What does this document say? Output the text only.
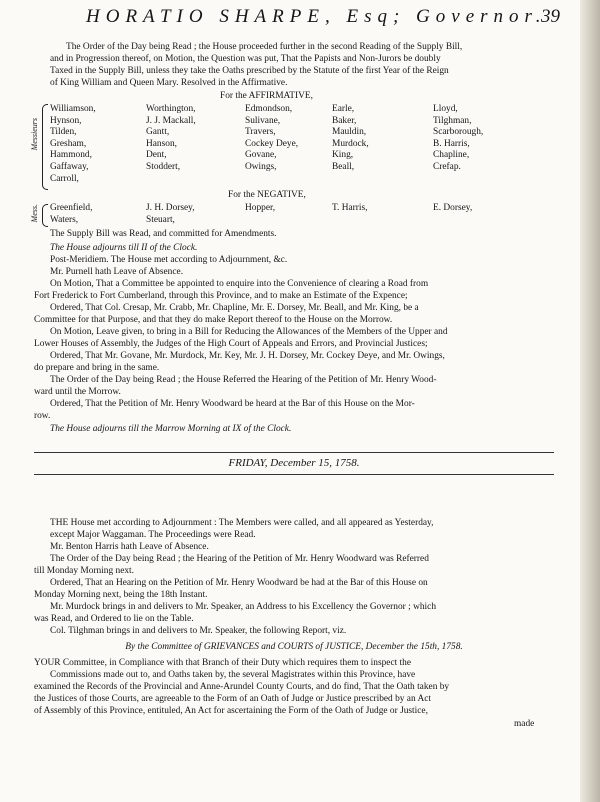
HORATIO SHARPE, Esq; Governor.
39
The Order of the Day being Read ; the House proceeded further in the second Reading of the Supply Bill,
and in Progression thereof, on Motion, the Question was put, That the Papists and Non-Jurors be doubly
Taxed in the Supply Bill, unless they take the Oaths prescribed by the Statute of the first Year of the Reign
of King William and Queen Mary. Resolved in the Affirmative.
For the AFFIRMATIVE,
Messieurs
Williamson,
Hynson,
Tilden,
Gresham,
Hammond,
Gaffaway,
Carroll,
Worthington,
J. J. Mackall,
Gantt,
Hanson,
Dent,
Stoddert,
Edmondson,
Sulivane,
Travers,
Cockey Deye,
Govane,
Owings,
Earle,
Baker,
Mauldin,
Murdock,
King,
Beall,
Lloyd,
Tilghman,
Scarborough,
B. Harris,
Chapline,
Crefap.
For the NEGATIVE,
Mess. Greenfield,
Waters,
J. H. Dorsey,
Steuart,
Hopper,	T. Harris,	E. Dorsey,
The Supply Bill was Read, and committed for Amendments.
The House adjourns till II of the Clock.
Post-Meridiem. The House met according to Adjournment, &c.
Mr. Purnell hath Leave of Absence.
On Motion, That a Committee be appointed to enquire into the Convenience of clearing a Road from
Fort Frederick to Fort Cumberland, through this Province, and to make an Estimate of the Expence;
Ordered, That Col. Cresap, Mr. Crabb, Mr. Chapline, Mr. E. Dorsey, Mr. Beall, and Mr. King, be a
Committee for that Purpose, and that they do make Report thereof to the House on the Morrow.
On Motion, Leave given, to bring in a Bill for Reducing the Allowances of the Members of the Upper and
Lower Houses of Assembly, the Judges of the High Court of Appeals and Errors, and Provincial Justices;
Ordered, That Mr. Govane, Mr. Murdock, Mr. Key, Mr. J. H. Dorsey, Mr. Cockey Deye, and Mr. Owings,
do prepare and bring in the same.
The Order of the Day being Read ; the House Referred the Hearing of the Petition of Mr. Henry Wood-
ward until the Morrow.
Ordered, That the Petition of Mr. Henry Woodward be heard at the Bar of this House on the Mor-
row.
The House adjourns till the Marrow Morning at IX of the Clock.
FRIDAY, December 15, 1758.
THE House met according to Adjournment : The Members were called, and all appeared as Yesterday,
except Major Waggaman. The Proceedings were Read.
Mr. Benton Harris hath Leave of Absence.
The Order of the Day being Read ; the Hearing of the Petition of Mr. Henry Woodward was Referred
till Monday Morning next.
Ordered, That an Hearing on the Petition of Mr. Henry Woodward be had at the Bar of this House on
Monday Morning next, being the 18th Instant.
Mr. Murdock brings in and delivers to Mr. Speaker, an Address to his Excellency the Governor ; which
was Read, and Ordered to lie on the Table.
Col. Tilghman brings in and delivers to Mr. Speaker, the following Report, viz.
By the Committee of GRIEVANCES and COURTS of JUSTICE, December the 15th, 1758.
YOUR Committee, in Compliance with that Branch of their Duty which requires them to inspect the
Commissions made out to, and Oaths taken by, the several Magistrates within this Province, have
examined the Records of the Provincial and Anne-Arundel County Courts, and do find, That the Oath taken by
the Justices of those Courts, are agreeable to the Form of an Oath of Judge or Justice prescribed by an Act
of Assembly of this Province, entituled, An Act for ascertaining the Form of the Oath of Judge or Justice,
made
